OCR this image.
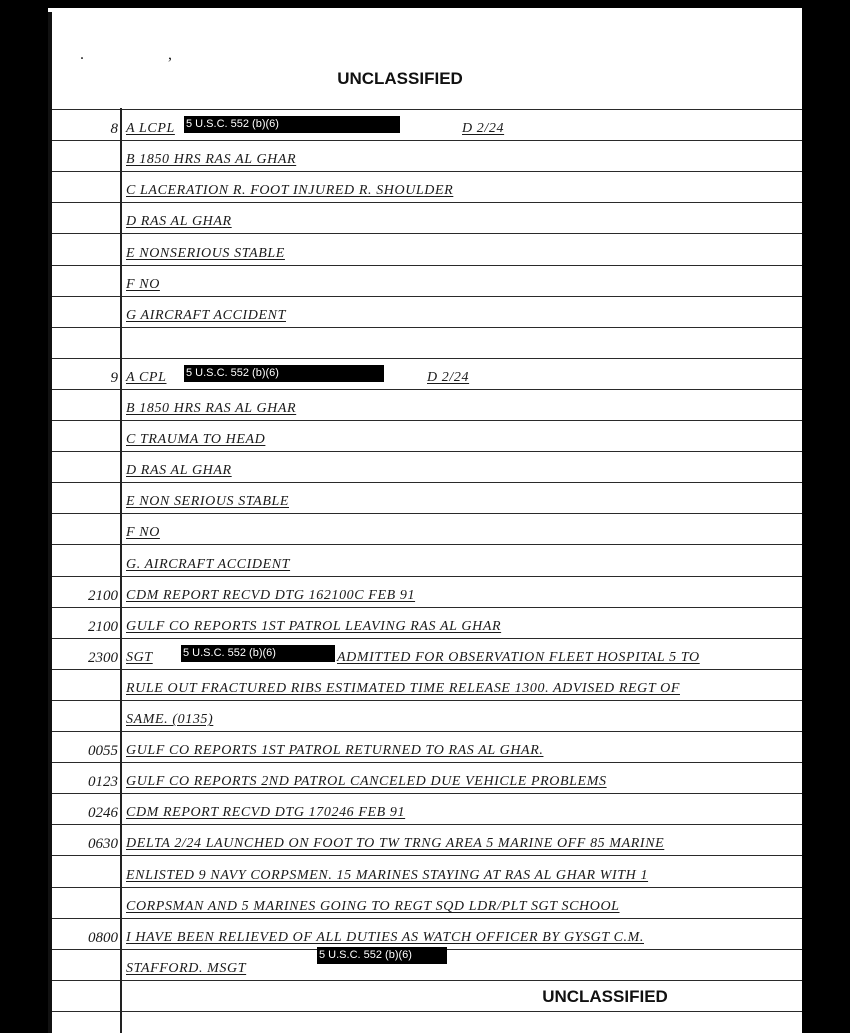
. ,
UNCLASSIFIED
8 A LCPL 5 U.S.C. 552 (b)(6)	D 2/24
B 1850 HRS RAS AL GHAR
C LACERATION R. FOOT INJURED R. SHOULDER
D RAS AL GHAR
E NONSERIOUS STABLE
F NO
G AIRCRAFT ACCIDENT
9 A CPL 5 U.S.C. 552 (b)(6)	D 2/24
B 1850 HRS RAS AL GHAR
C TRAUMA TO HEAD
D RAS AL GHAR
E NON SERIOUS STABLE
F NO
G. AIRCRAFT ACCIDENT
2100 CDM REPORT RECVD DTG 162100C FEB 91
2100 GULF CO REPORTS 1ST PATROL LEAVING RAS AL GHAR
2300 SGT	5 U.S.C. 552 (b)(6)	ADMITTED FOR OBSERVATION FLEET HOSPITAL 5 TO
RULE OUT FRACTURED RIBS ESTIMATED TIME RELEASE 1300. ADVISED REGT OF
SAME. (0135)
0055 GULF CO REPORTS 1ST PATROL RETURNED TO RAS AL GHAR.
0123 GULF CO REPORTS 2ND PATROL CANCELED DUE VEHICLE PROBLEMS
0246 CDM REPORT RECVD DTG 170246 FEB 91
0630 DELTA 2/24 LAUNCHED ON FOOT TO TW TRNG AREA 5 MARINE OFF 85 MARINE
ENLISTED 9 NAVY CORPSMEN. 15 MARINES STAYING AT RAS AL GHAR WITH 1
CORPSMAN AND 5 MARINES GOING TO REGT SQD LDR/PLT SGT SCHOOL
0800 I HAVE BEEN RELIEVED OF ALL DUTIES AS WATCH OFFICER BY GYSGT C.M.
STAFFORD. MSGT
5 U.S.C. 552 (b)(6)
UNCLASSIFIED
